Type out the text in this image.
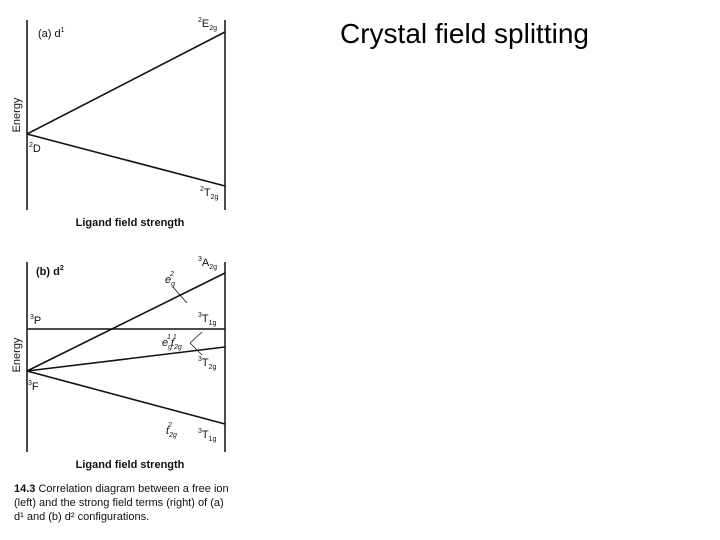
Crystal field splitting
(a) $d^1$
$^2E_{2g}$
$^2$D
$^2T_{2g}$
Energy
Ligand field strength
(b) $d^2$
$^3A_{2g}$
$e_g2$
$^3$P	$^3T_{1g}$
$e_g1t_{2g}1$
$^3T_{2g}$
$^3$F
$t_{2g}2$
$^3T_{1g}$
Energy
Ligand field strength
14.3 Correlation diagram between a free ion (left) and the strong field terms (right) of (a) d¹ and (b) d² configurations.
